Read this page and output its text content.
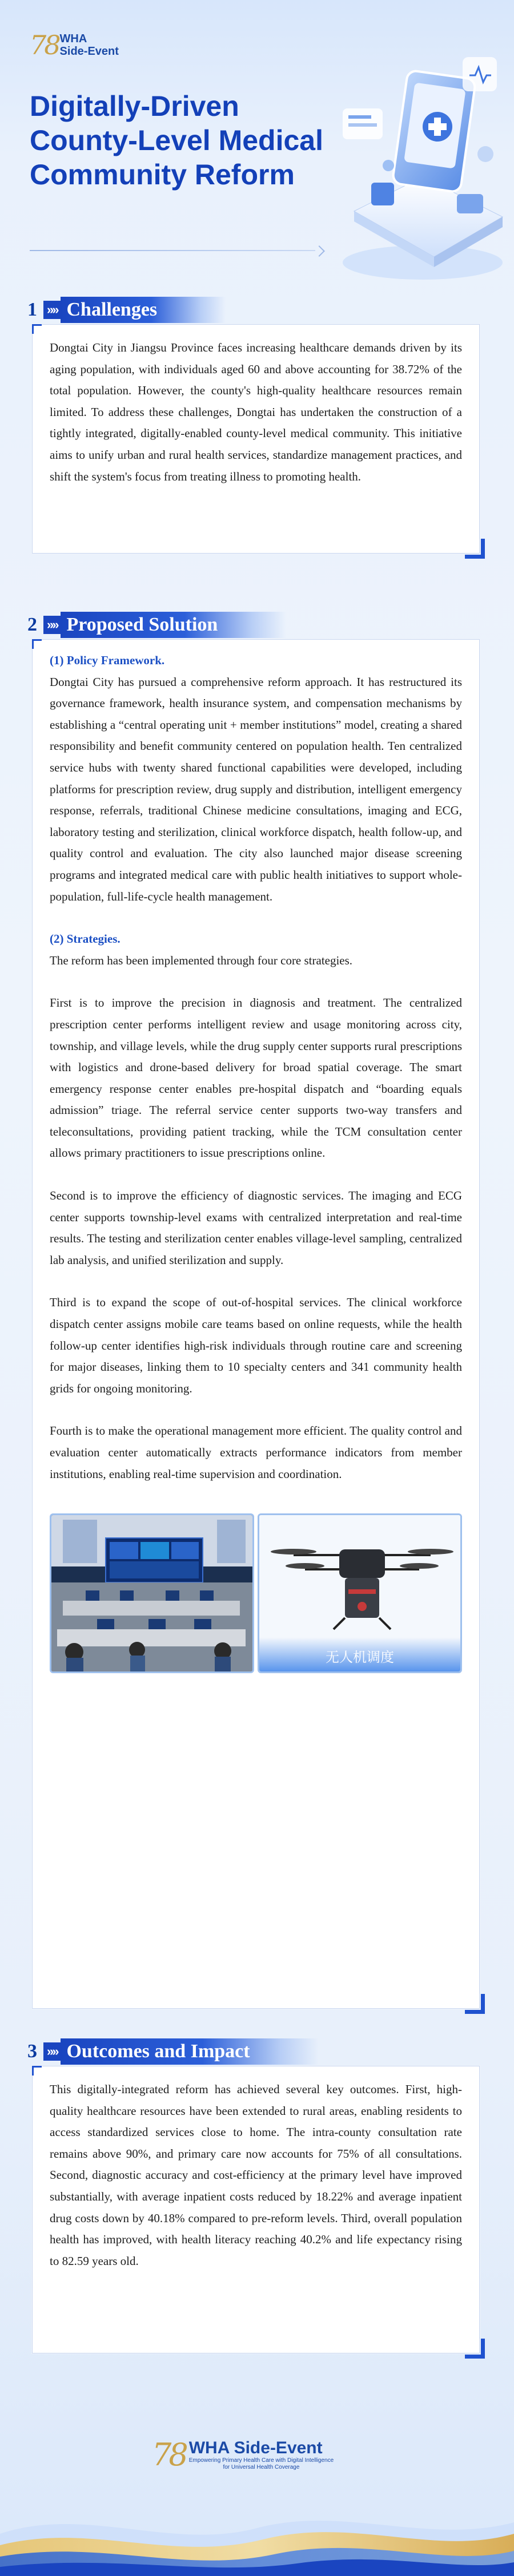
78 WHA
Side-Event
Digitally-Driven
County-Level Medical
Community Reform
1 »» Challenges

Dongtai City in Jiangsu Province faces increasing healthcare demands driven by its aging population, with individuals aged 60 and above accounting for 38.72% of the total population. However, the county's high-quality healthcare resources remain limited. To address these challenges, Dongtai has undertaken the construction of a tightly integrated, digitally-enabled county-level medical community. This initiative aims to unify urban and rural health services, standardize management practices, and shift the system's focus from treating illness to promoting health.

2 »» Proposed Solution

(1) Policy Framework.

Dongtai City has pursued a comprehensive reform approach. It has restructured its governance framework, health insurance system, and compensation mechanisms by establishing a “central operating unit + member institutions” model, creating a shared responsibility and benefit community centered on population health. Ten centralized service hubs with twenty shared functional capabilities were developed, including platforms for prescription review, drug supply and distribution, intelligent emergency response, referrals, traditional Chinese medicine consultations, imaging and ECG, laboratory testing and sterilization, clinical workforce dispatch, health follow-up, and quality control and evaluation. The city also launched major disease screening programs and integrated medical care with public health initiatives to support whole-population, full-life-cycle health management.

(2) Strategies.

The reform has been implemented through four core strategies.

First is to improve the precision in diagnosis and treatment. The centralized prescription center performs intelligent review and usage monitoring across city, township, and village levels, while the drug supply center supports rural prescriptions with logistics and drone-based delivery for broad spatial coverage. The smart emergency response center enables pre-hospital dispatch and “boarding equals admission” triage. The referral service center supports two-way transfers and teleconsultations, providing patient tracking, while the TCM consultation center allows primary practitioners to issue prescriptions online.

Second is to improve the efficiency of diagnostic services. The imaging and ECG center supports township-level exams with centralized interpretation and real-time results. The testing and sterilization center enables village-level sampling, centralized lab analysis, and unified sterilization and supply.

Third is to expand the scope of out-of-hospital services. The clinical workforce dispatch center assigns mobile care teams based on online requests, while the health follow-up center identifies high-risk individuals through routine care and screening for major diseases, linking them to 10 specialty centers and 341 community health grids for ongoing monitoring.

Fourth is to make the operational management more efficient. The quality control and evaluation center automatically extracts performance indicators from member institutions, enabling real-time supervision and coordination.

无人机调度
3 »» Outcomes and Impact

This digitally-integrated reform has achieved several key outcomes. First, high-quality healthcare resources have been extended to rural areas, enabling residents to access standardized services close to home. The intra-county consultation rate remains above 90%, and primary care now accounts for 75% of all consultations. Second, diagnostic accuracy and cost-efficiency at the primary level have improved substantially, with average inpatient costs reduced by 18.22% and average inpatient drug costs down by 40.18% compared to pre-reform levels. Third, overall population health has improved, with health literacy reaching 40.2% and life expectancy rising to 82.59 years old.

78 WHA Side-Event
Empowering Primary Health Care with Digital Intelligence
for Universal Health Coverage
